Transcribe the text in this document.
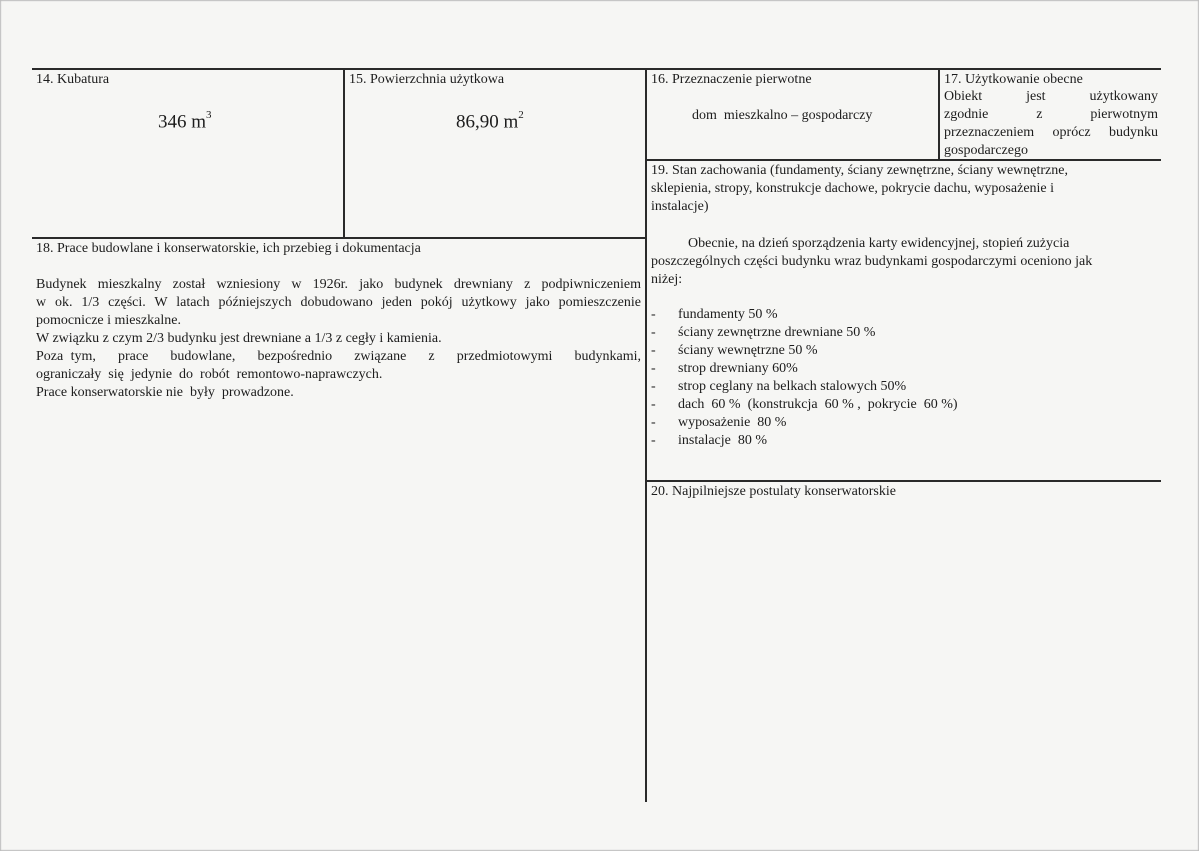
14. Kubatura
346 $m^3$
15. Powierzchnia użytkowa
86,90 $m^2$
16. Przeznaczenie pierwotne
dom  mieszkalno – gospodarczy
17. Użytkowanie obecne

Obiekt jest użytkowany

zgodnie z pierwotnym

przeznaczeniem oprócz budynku

gospodarczego

19. Stan zachowania (fundamenty, ściany zewnętrzne, ściany wewnętrzne,

sklepienia, stropy, konstrukcje dachowe, pokrycie dachu, wyposażenie i

instalacje)

Obecnie, na dzień sporządzenia karty ewidencyjnej, stopień zużycia

poszczególnych części budynku wraz budynkami gospodarczymi oceniono jak

niżej:

- fundamenty 50 %
- ściany zewnętrzne drewniane 50 %
- ściany wewnętrzne 50 %
- strop drewniany 60%
- strop ceglany na belkach stalowych 50%
- dach  60 %  (konstrukcja  60 % ,  pokrycie  60 %)
- wyposażenie  80 %
- instalacje  80 %
18. Prace budowlane i konserwatorskie, ich przebieg i dokumentacja

Budynek mieszkalny został wzniesiony w 1926r. jako budynek drewniany z podpiwniczeniem

w ok. 1/3 części. W latach późniejszych dobudowano jeden pokój użytkowy jako pomieszczenie

pomocnicze i mieszkalne.

W związku z czym 2/3 budynku jest drewniane a 1/3 z cegły i kamienia.

Poza tym,   prace   budowlane,   bezpośrednio   związane   z   przedmiotowymi   budynkami,

ograniczały  się  jedynie  do  robót  remontowo-naprawczych.

Prace konserwatorskie nie  były  prowadzone.

20. Najpilniejsze postulaty konserwatorskie
